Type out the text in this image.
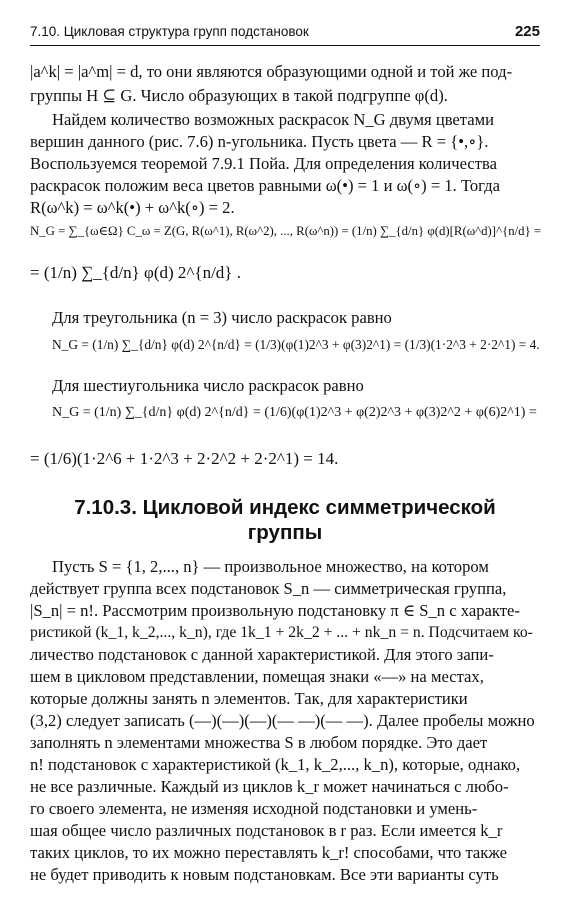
7.10. Цикловая структура групп подстановок	225
|a^k| = |a^m| = d, то они являются образующими одной и той же под-
группы H ⊆ G. Число образующих в такой подгруппе φ(d).
Найдем количество возможных раскрасок N_G двумя цветами
вершин данного (рис. 7.6) n-угольника. Пусть цвета — R = {•,∘}.
Воспользуемся теоремой 7.9.1 Пойа. Для определения количества
раскрасок положим веса цветов равными ω(•) = 1 и ω(∘) = 1. Тогда
R(ω^k) = ω^k(•) + ω^k(∘) = 2.
N_G = ∑_{ω∈Ω} C_ω = Z(G, R(ω^1), R(ω^2), ..., R(ω^n)) = (1/n) ∑_{d/n} φ(d)[R(ω^d)]^{n/d} =
= (1/n) ∑_{d/n} φ(d) 2^{n/d} .
Для треугольника (n = 3) число раскрасок равно
N_G = (1/n) ∑_{d/n} φ(d) 2^{n/d} = (1/3)(φ(1)2^3 + φ(3)2^1) = (1/3)(1·2^3 + 2·2^1) = 4.
Для шестиугольника число раскрасок равно
N_G = (1/n) ∑_{d/n} φ(d) 2^{n/d} = (1/6)(φ(1)2^3 + φ(2)2^3 + φ(3)2^2 + φ(6)2^1) =
= (1/6)(1·2^6 + 1·2^3 + 2·2^2 + 2·2^1) = 14.
7.10.3. Цикловой индекс симметрической
группы
Пусть S = {1, 2,..., n} — произвольное множество, на котором
действует группа всех подстановок S_n — симметрическая группа,
|S_n| = n!. Рассмотрим произвольную подстановку π ∈ S_n с характе-
ристикой (k_1, k_2,..., k_n), где 1k_1 + 2k_2 + ... + nk_n = n. Подсчитаем ко-
личество подстановок с данной характеристикой. Для этого запи-
шем в цикловом представлении, помещая знаки «—» на местах,
которые должны занять n элементов. Так, для характеристики
(3,2) следует записать (—)(—)(—)(— —)(— —). Далее пробелы можно
заполнять n элементами множества S в любом порядке. Это дает
n! подстановок с характеристикой (k_1, k_2,..., k_n), которые, однако,
не все различные. Каждый из циклов k_r может начинаться с любо-
го своего элемента, не изменяя исходной подстановки и умень-
шая общее число различных подстановок в r раз. Если имеется k_r
таких циклов, то их можно переставлять k_r! способами, что также
не будет приводить к новым подстановкам. Все эти варианты суть
